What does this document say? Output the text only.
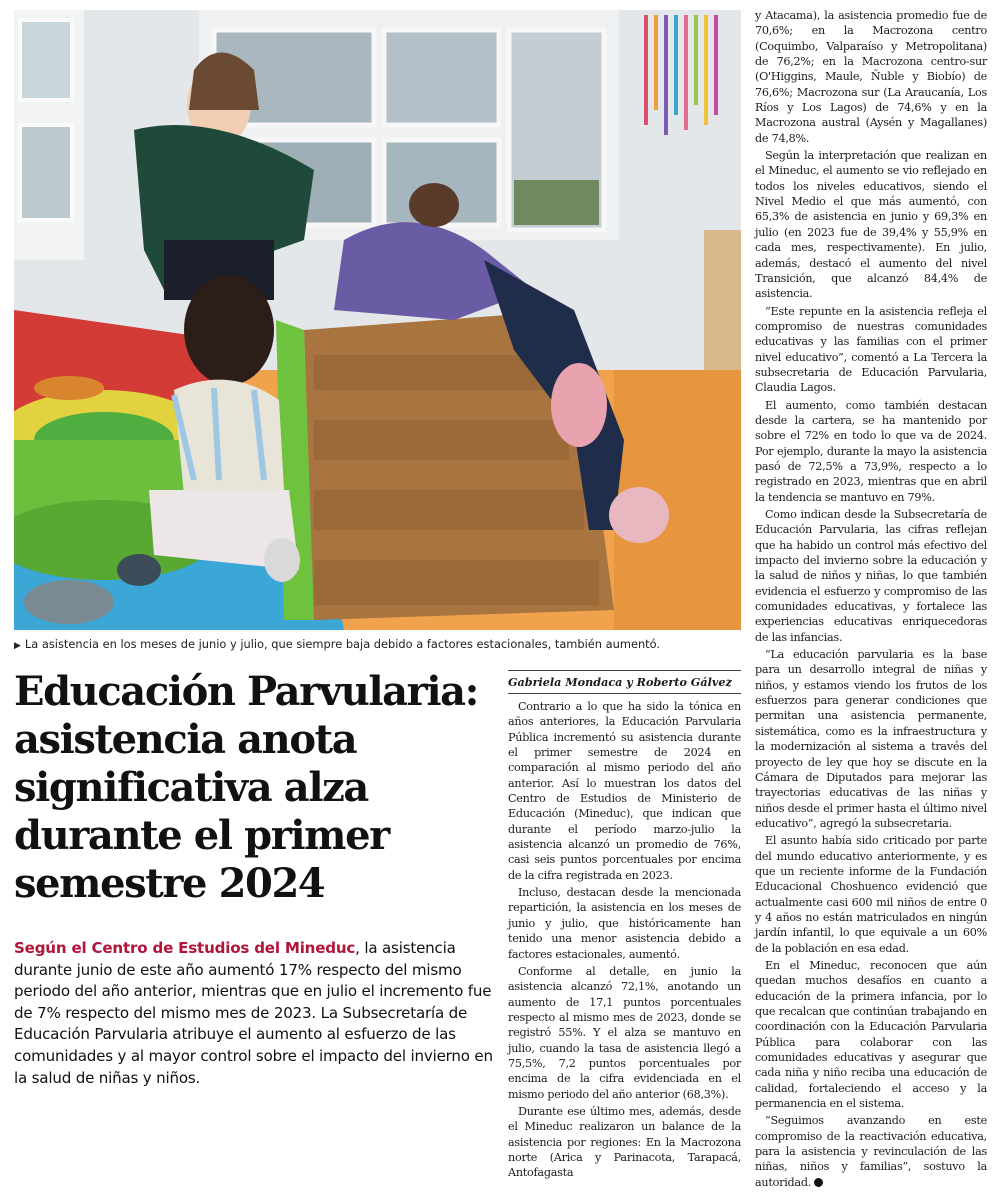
▶ La asistencia en los meses de junio y julio, que siempre baja debido a factores estacionales, también aumentó.
Educación Parvularia:
asistencia anota
significativa alza
durante el primer
semestre 2024
Según el Centro de Estudios del Mineduc, la asistencia durante junio de este año aumentó 17% respecto del mismo periodo del año anterior, mientras que en julio el incremento fue de 7% respecto del mismo mes de 2023. La Subsecretaría de Educación Parvularia atribuye el aumento al esfuerzo de las comunidades y al mayor control sobre el impacto del invierno en la salud de niñas y niños.
Gabriela Mondaca y Roberto Gálvez

Contrario a lo que ha sido la tónica en años anteriores, la Educación Parvularia Pública incrementó su asistencia durante el primer semestre de 2024 en comparación al mismo periodo del año anterior. Así lo muestran los datos del Centro de Estudios de Ministerio de Educación (Mineduc), que indican que durante el período marzo-julio la asistencia alcanzó un promedio de 76%, casi seis puntos porcentuales por encima de la cifra registrada en 2023.

Incluso, destacan desde la mencionada repartición, la asistencia en los meses de junio y julio, que históricamente han tenido una menor asistencia debido a factores estacionales, aumentó.

Conforme al detalle, en junio la asistencia alcanzó 72,1%, anotando un aumento de 17,1 puntos porcentuales respecto al mismo mes de 2023, donde se registró 55%. Y el alza se mantuvo en julio, cuando la tasa de asistencia llegó a 75,5%, 7,2 puntos porcentuales por encima de la cifra evidenciada en el mismo periodo del año anterior (68,3%).

Durante ese último mes, además, desde el Mineduc realizaron un balance de la asistencia por regiones: En la Macrozona norte (Arica y Parinacota, Tarapacá, Antofagasta

y Atacama), la asistencia promedio fue de 70,6%; en la Macrozona centro (Coquimbo, Valparaíso y Metropolitana) de 76,2%; en la Macrozona centro-sur (O'Higgins, Maule, Ñuble y Biobío) de 76,6%; Macrozona sur (La Araucanía, Los Ríos y Los Lagos) de 74,6% y en la Macrozona austral (Aysén y Magallanes) de 74,8%.

Según la interpretación que realizan en el Mineduc, el aumento se vio reflejado en todos los niveles educativos, siendo el Nivel Medio el que más aumentó, con 65,3% de asistencia en junio y 69,3% en julio (en 2023 fue de 39,4% y 55,9% en cada mes, respectivamente). En julio, además, destacó el aumento del nivel Transición, que alcanzó 84,4% de asistencia.

“Este repunte en la asistencia refleja el compromiso de nuestras comunidades educativas y las familias con el primer nivel educativo”, comentó a La Tercera la subsecretaria de Educación Parvularia, Claudia Lagos.

El aumento, como también destacan desde la cartera, se ha mantenido por sobre el 72% en todo lo que va de 2024. Por ejemplo, durante la mayo la asistencia pasó de 72,5% a 73,9%, respecto a lo registrado en 2023, mientras que en abril la tendencia se mantuvo en 79%.

Como indican desde la Subsecretaría de Educación Parvularia, las cifras reflejan que ha habido un control más efectivo del impacto del invierno sobre la educación y la salud de niños y niñas, lo que también evidencia el esfuerzo y compromiso de las comunidades educativas, y fortalece las experiencias educativas enriquecedoras de las infancias.

“La educación parvularia es la base para un desarrollo integral de niñas y niños, y estamos viendo los frutos de los esfuerzos para generar condiciones que permitan una asistencia permanente, sistemática, como es la infraestructura y la modernización al sistema a través del proyecto de ley que hoy se discute en la Cámara de Diputados para mejorar las trayectorias educativas de las niñas y niños desde el primer hasta el último nivel educativo”, agregó la subsecretaria.

El asunto había sido criticado por parte del mundo educativo anteriormente, y es que un reciente informe de la Fundación Educacional Choshuenco evidenció que actualmente casi 600 mil niños de entre 0 y 4 años no están matriculados en ningún jardín infantil, lo que equivale a un 60% de la población en esa edad.

En el Mineduc, reconocen que aún quedan muchos desafíos en cuanto a educación de la primera infancia, por lo que recalcan que continúan trabajando en coordinación con la Educación Parvularia Pública para colaborar con las comunidades educativas y asegurar que cada niña y niño reciba una educación de calidad, fortaleciendo el acceso y la permanencia en el sistema.

“Seguimos avanzando en este compromiso de la reactivación educativa, para la asistencia y revinculación de las niñas, niños y familias”, sostuvo la autoridad.
